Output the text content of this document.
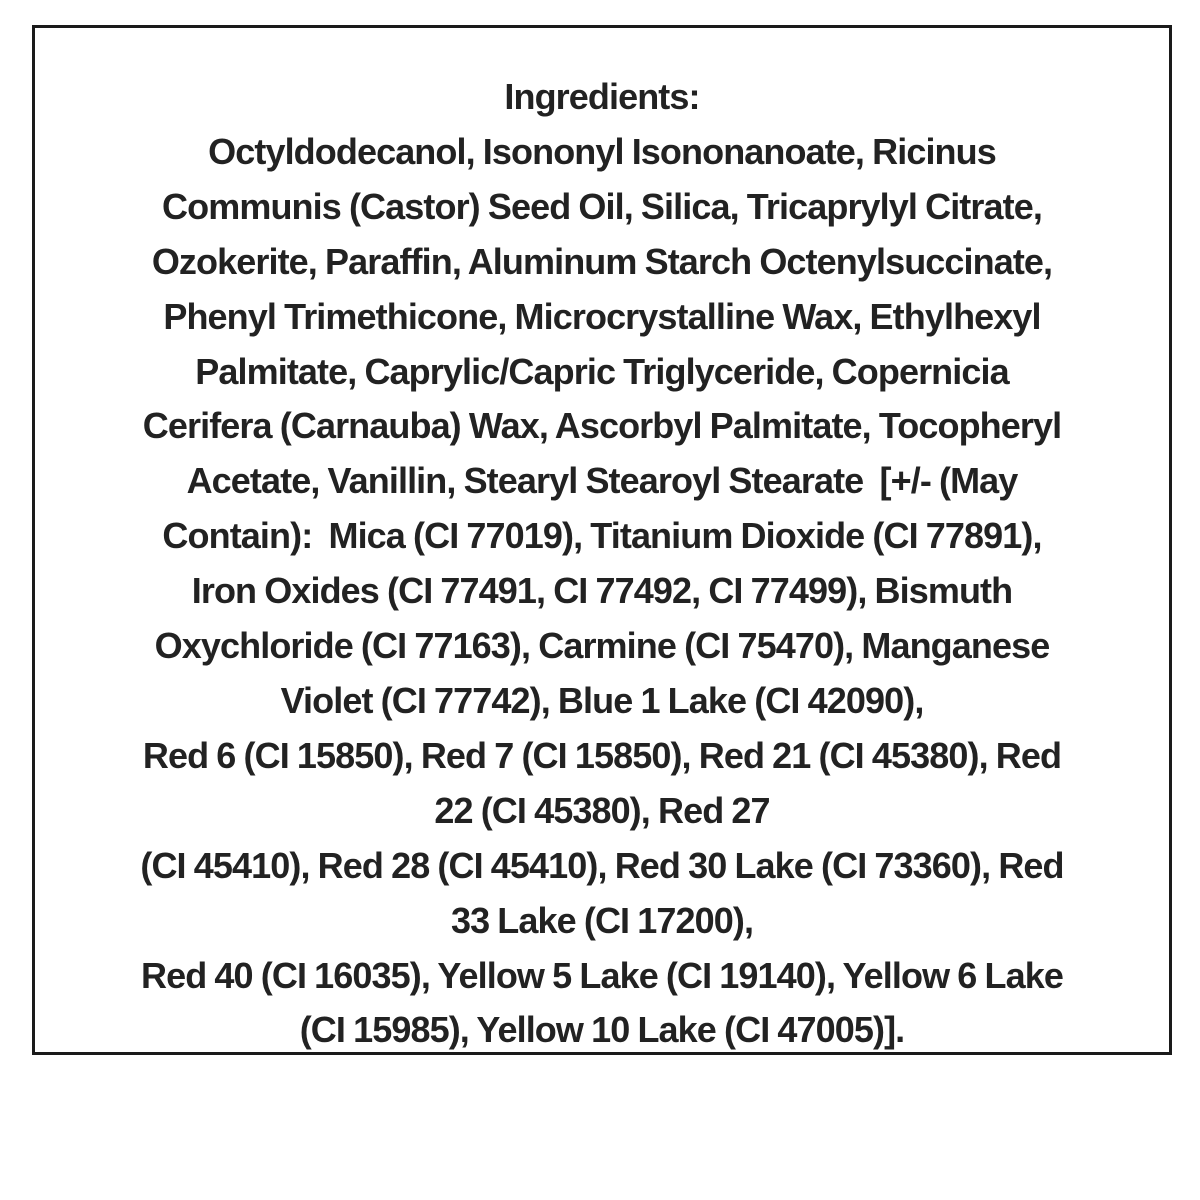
Ingredients:
Octyldodecanol, Isononyl Isononanoate, Ricinus
Communis (Castor) Seed Oil, Silica, Tricaprylyl Citrate,
Ozokerite, Paraffin, Aluminum Starch Octenylsuccinate,
Phenyl Trimethicone, Microcrystalline Wax, Ethylhexyl
Palmitate, Caprylic/Capric Triglyceride, Copernicia
Cerifera (Carnauba) Wax, Ascorbyl Palmitate, Tocopheryl
Acetate, Vanillin, Stearyl Stearoyl Stearate  [+/- (May
Contain):  Mica (CI 77019), Titanium Dioxide (CI 77891),
Iron Oxides (CI 77491, CI 77492, CI 77499), Bismuth
Oxychloride (CI 77163), Carmine (CI 75470), Manganese
Violet (CI 77742), Blue 1 Lake (CI 42090),
Red 6 (CI 15850), Red 7 (CI 15850), Red 21 (CI 45380), Red
22 (CI 45380), Red 27
(CI 45410), Red 28 (CI 45410), Red 30 Lake (CI 73360), Red
33 Lake (CI 17200),
Red 40 (CI 16035), Yellow 5 Lake (CI 19140), Yellow 6 Lake
(CI 15985), Yellow 10 Lake (CI 47005)].
